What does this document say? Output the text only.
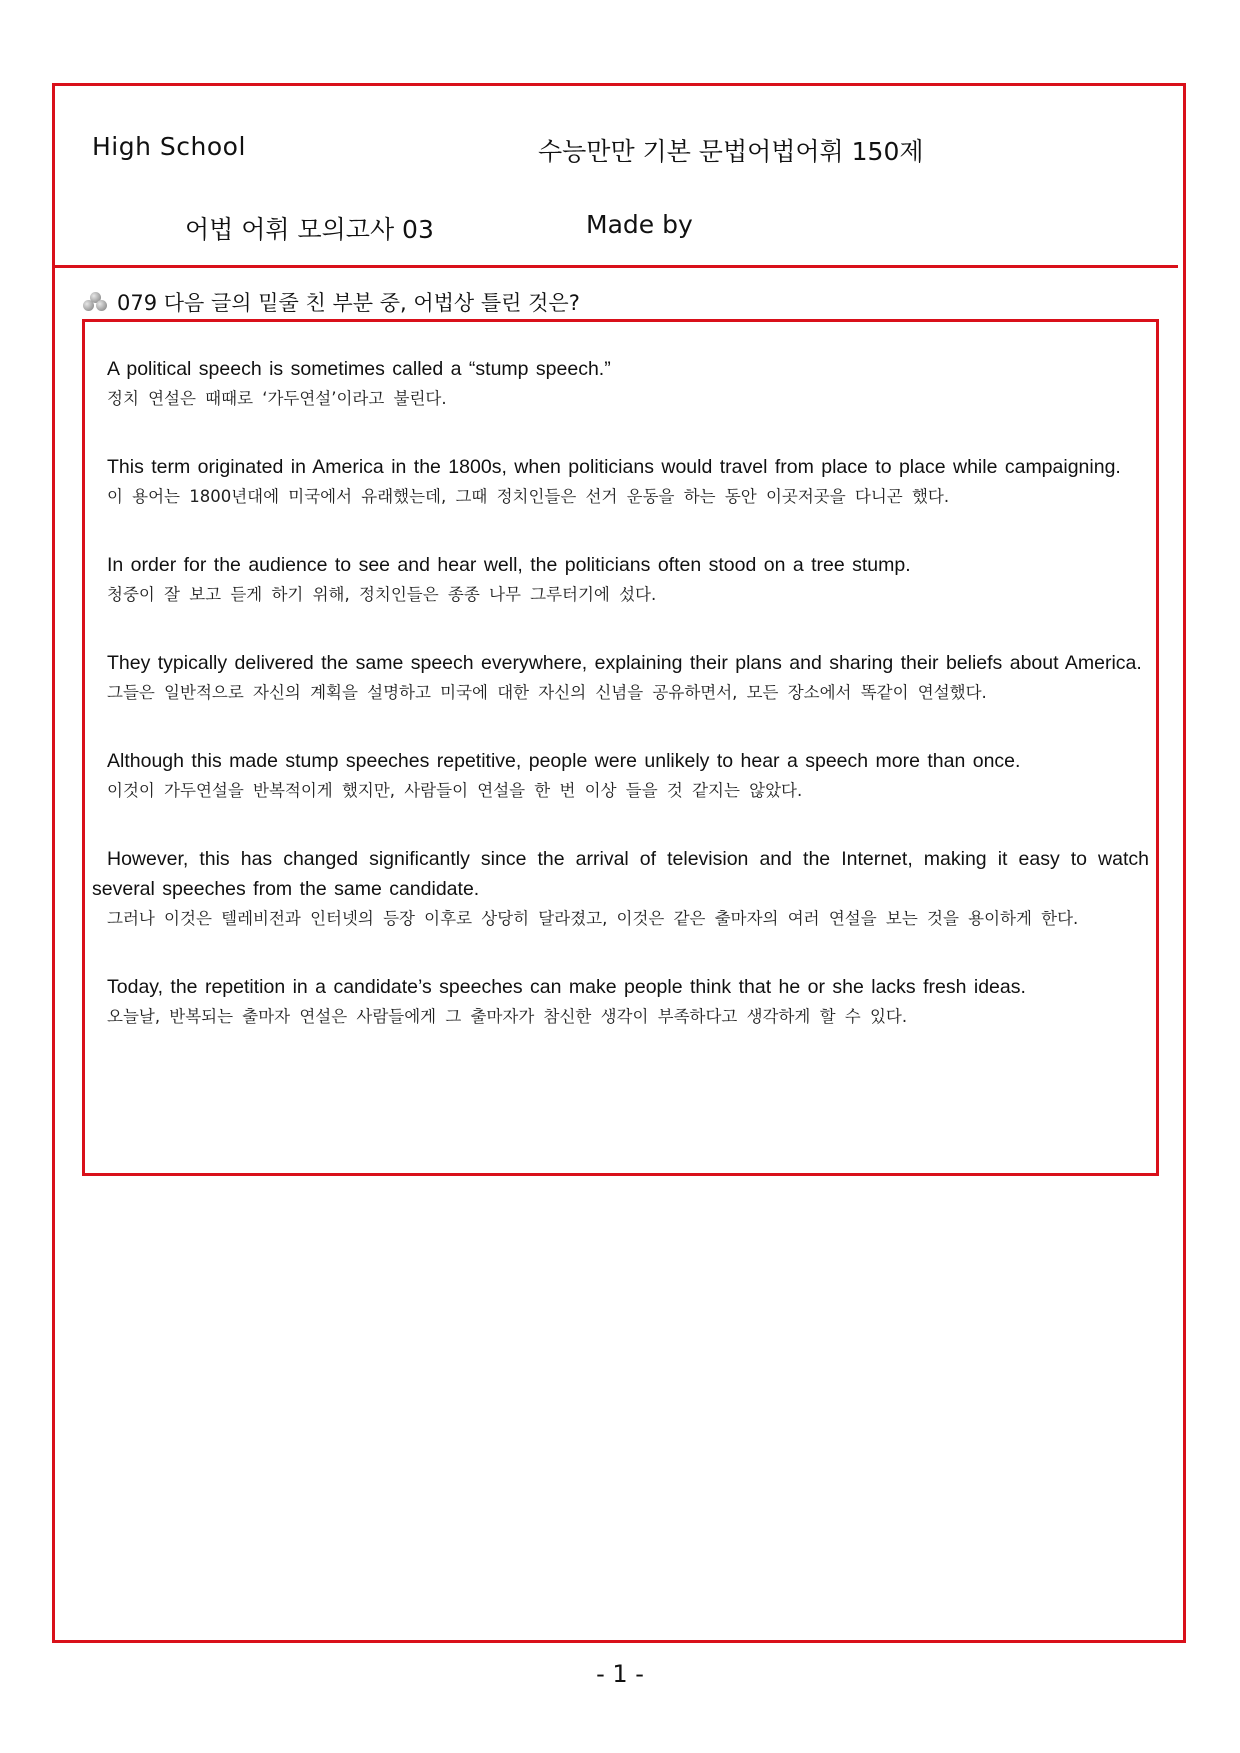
High School	수능만만 기본 문법어법어휘 150제
어법 어휘 모의고사 03	Made by
079 다음 글의 밑줄 친 부분 중, 어법상 틀린 것은?

A political speech is sometimes called a “stump speech.”

정치 연설은 때때로 ‘가두연설’이라고 불린다.

This term originated in America in the 1800s, when politicians would travel from place to place while campaigning.

이 용어는 1800년대에 미국에서 유래했는데, 그때 정치인들은 선거 운동을 하는 동안 이곳저곳을 다니곤 했다.

In order for the audience to see and hear well, the politicians often stood on a tree stump.

청중이 잘 보고 듣게 하기 위해, 정치인들은 종종 나무 그루터기에 섰다.

They typically delivered the same speech everywhere, explaining their plans and sharing their beliefs about America.

그들은 일반적으로 자신의 계획을 설명하고 미국에 대한 자신의 신념을 공유하면서, 모든 장소에서 똑같이 연설했다.

Although this made stump speeches repetitive, people were unlikely to hear a speech more than once.

이것이 가두연설을 반복적이게 했지만, 사람들이 연설을 한 번 이상 들을 것 같지는 않았다.

However, this has changed significantly since the arrival of television and the Internet, making it easy to watch several speeches from the same candidate.

그러나 이것은 텔레비전과 인터넷의 등장 이후로 상당히 달라졌고, 이것은 같은 출마자의 여러 연설을 보는 것을 용이하게 한다.

Today, the repetition in a candidate’s speeches can make people think that he or she lacks fresh ideas.

오늘날, 반복되는 출마자 연설은 사람들에게 그 출마자가 참신한 생각이 부족하다고 생각하게 할 수 있다.

- 1 -
